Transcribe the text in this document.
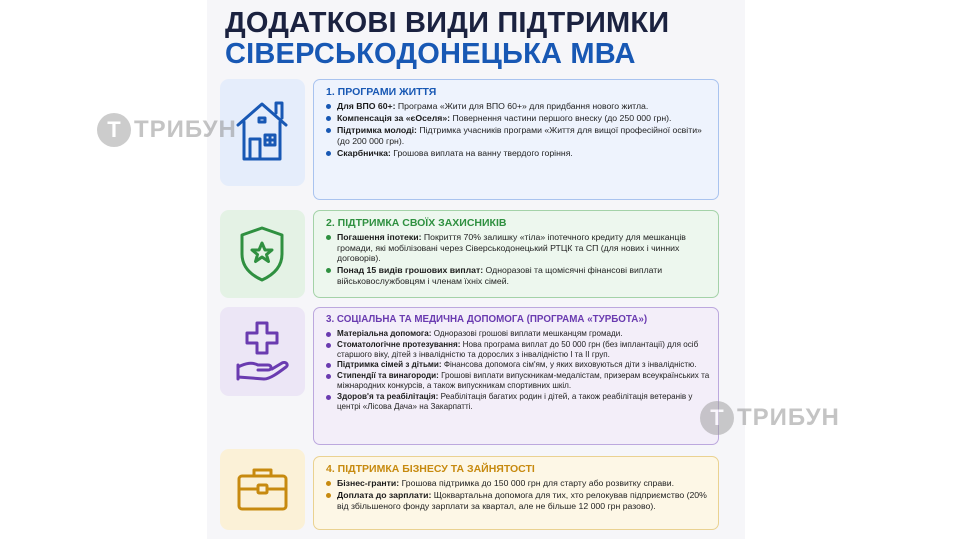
ДОДАТКОВІ ВИДИ ПІДТРИМКИ
СІВЕРСЬКОДОНЕЦЬКА МВА
1. ПРОГРАМИ ЖИТТЯ
Для ВПО 60+: Програма «Жити для ВПО 60+» для придбання нового житла.
Компенсація за «єОселя»: Повернення частини першого внеску (до 250 000 грн).
Підтримка молоді: Підтримка учасників програми «Життя для вищої професійної освіти» (до 200 000 грн).
Скарбничка: Грошова виплата на ванну твердого горіння.
2. ПІДТРИМКА СВОЇХ ЗАХИСНИКІВ
Погашення іпотеки: Покриття 70% залишку «тіла» іпотечного кредиту для мешканців громади, які мобілізовані через Сіверськодонецький РТЦК та СП (для нових і чинних договорів).
Понад 15 видів грошових виплат: Одноразові та щомісячні фінансові виплати військовослужбовцям і членам їхніх сімей.
3. СОЦІАЛЬНА ТА МЕДИЧНА ДОПОМОГА (ПРОГРАМА «ТУРБОТА»)
Матеріальна допомога: Одноразові грошові виплати мешканцям громади.
Стоматологічне протезування: Нова програма виплат до 50 000 грн (без імплантації) для осіб старшого віку, дітей з інвалідністю та дорослих з інвалідністю I та II груп.
Підтримка сімей з дітьми: Фінансова допомога сім'ям, у яких виховуються діти з інвалідністю.
Стипендії та винагороди: Грошові виплати випускникам-медалістам, призерам всеукраїнських та міжнародних конкурсів, а також випускникам спортивних шкіл.
Здоров'я та реабілітація: Реабілітація багатих родин і дітей, а також реабілітація ветеранів у центрі «Лісова Дача» на Закарпатті.
4. ПІДТРИМКА БІЗНЕСУ ТА ЗАЙНЯТОСТІ
Бізнес-гранти: Грошова підтримка до 150 000 грн для старту або розвитку справи.
Доплата до зарплати: Щоквартальна допомога для тих, хто релокував підприємство (20% від збільшеного фонду зарплати за квартал, але не більше 12 000 грн разово).
Т ТРИБУН
Т ТРИБУН
